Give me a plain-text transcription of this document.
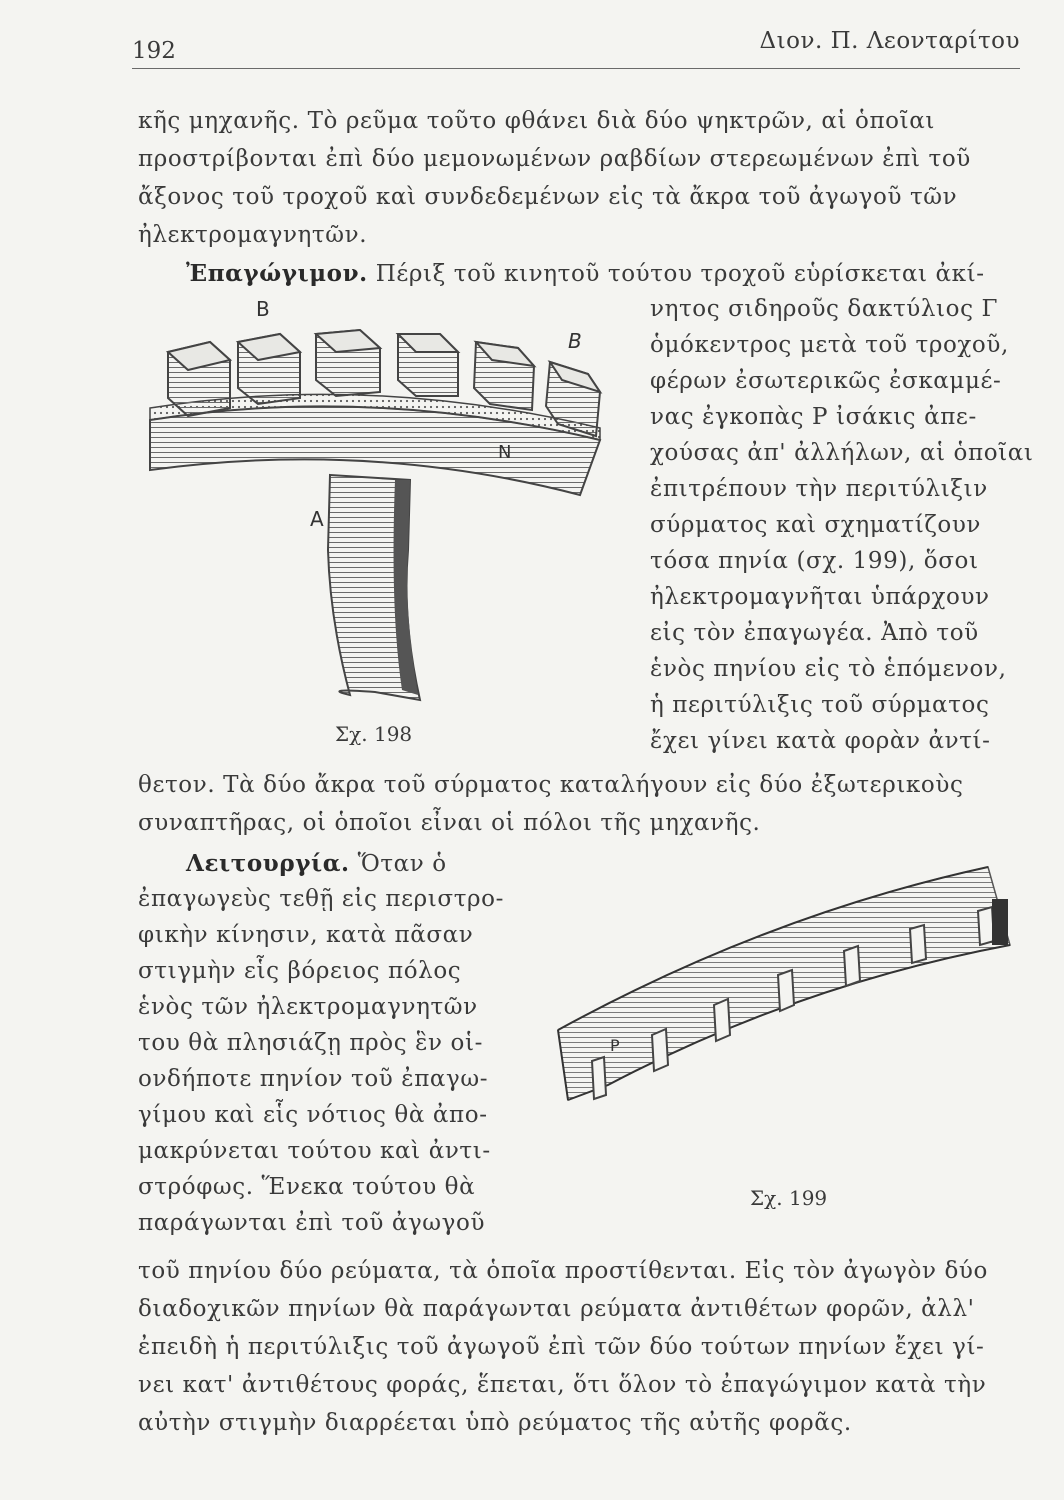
192	Διον. Π. Λεονταρίτου
κῆς μηχανῆς. Τὸ ρεῦμα τοῦτο φθάνει διὰ δύο ψηκτρῶν, αἱ ὁποῖαι
προστρίβονται ἐπὶ δύο μεμονωμένων ραβδίων στερεωμένων ἐπὶ τοῦ
ἄξονος τοῦ τροχοῦ καὶ συνδεδεμένων εἰς τὰ ἄκρα τοῦ ἀγωγοῦ τῶν
ἠλεκτρομαγνητῶν.
Ἐπαγώγιμον. Πέριξ τοῦ κινητοῦ τούτου τροχοῦ εὑρίσκεται ἀκί-
νητος σιδηροῦς δακτύλιος Γ
ὁμόκεντρος μετὰ τοῦ τροχοῦ,
φέρων ἐσωτερικῶς ἐσκαμμέ-
νας ἐγκοπὰς P ἰσάκις ἀπε-
χούσας ἀπ' ἀλλήλων, αἱ ὁποῖαι
ἐπιτρέπουν τὴν περιτύλιξιν
σύρματος καὶ σχηματίζουν
τόσα πηνία (σχ. 199), ὅσοι
ἠλεκτρομαγνῆται ὑπάρχουν
εἰς τὸν ἐπαγωγέα. Ἀπὸ τοῦ
ἑνὸς πηνίου εἰς τὸ ἑπόμενον,
ἡ περιτύλιξις τοῦ σύρματος
ἔχει γίνει κατὰ φορὰν ἀντί-
θετον. Τὰ δύο ἄκρα τοῦ σύρματος καταλήγουν εἰς δύο ἐξωτερικοὺς
συναπτῆρας, οἱ ὁποῖοι εἶναι οἱ πόλοι τῆς μηχανῆς.
B
B
N
A
Σχ. 198
Λειτουργία. Ὅταν ὁ
ἐπαγωγεὺς τεθῇ εἰς περιστρο-
φικὴν κίνησιν, κατὰ πᾶσαν
στιγμὴν εἷς βόρειος πόλος
ἑνὸς τῶν ἠλεκτρομαγνητῶν
του θὰ πλησιάζῃ πρὸς ἓν οἱ-
ονδήποτε πηνίον τοῦ ἐπαγω-
γίμου καὶ εἷς νότιος θὰ ἀπο-
μακρύνεται τούτου καὶ ἀντι-
στρόφως. Ἕνεκα τούτου θὰ
παράγωνται ἐπὶ τοῦ ἀγωγοῦ
τοῦ πηνίου δύο ρεύματα, τὰ ὁποῖα προστίθενται. Εἰς τὸν ἀγωγὸν δύο
διαδοχικῶν πηνίων θὰ παράγωνται ρεύματα ἀντιθέτων φορῶν, ἀλλ'
ἐπειδὴ ἡ περιτύλιξις τοῦ ἀγωγοῦ ἐπὶ τῶν δύο τούτων πηνίων ἔχει γί-
νει κατ' ἀντιθέτους φοράς, ἕπεται, ὅτι ὅλον τὸ ἐπαγώγιμον κατὰ τὴν
αὐτὴν στιγμὴν διαρρέεται ὑπὸ ρεύματος τῆς αὐτῆς φορᾶς.
P
Σχ. 199
